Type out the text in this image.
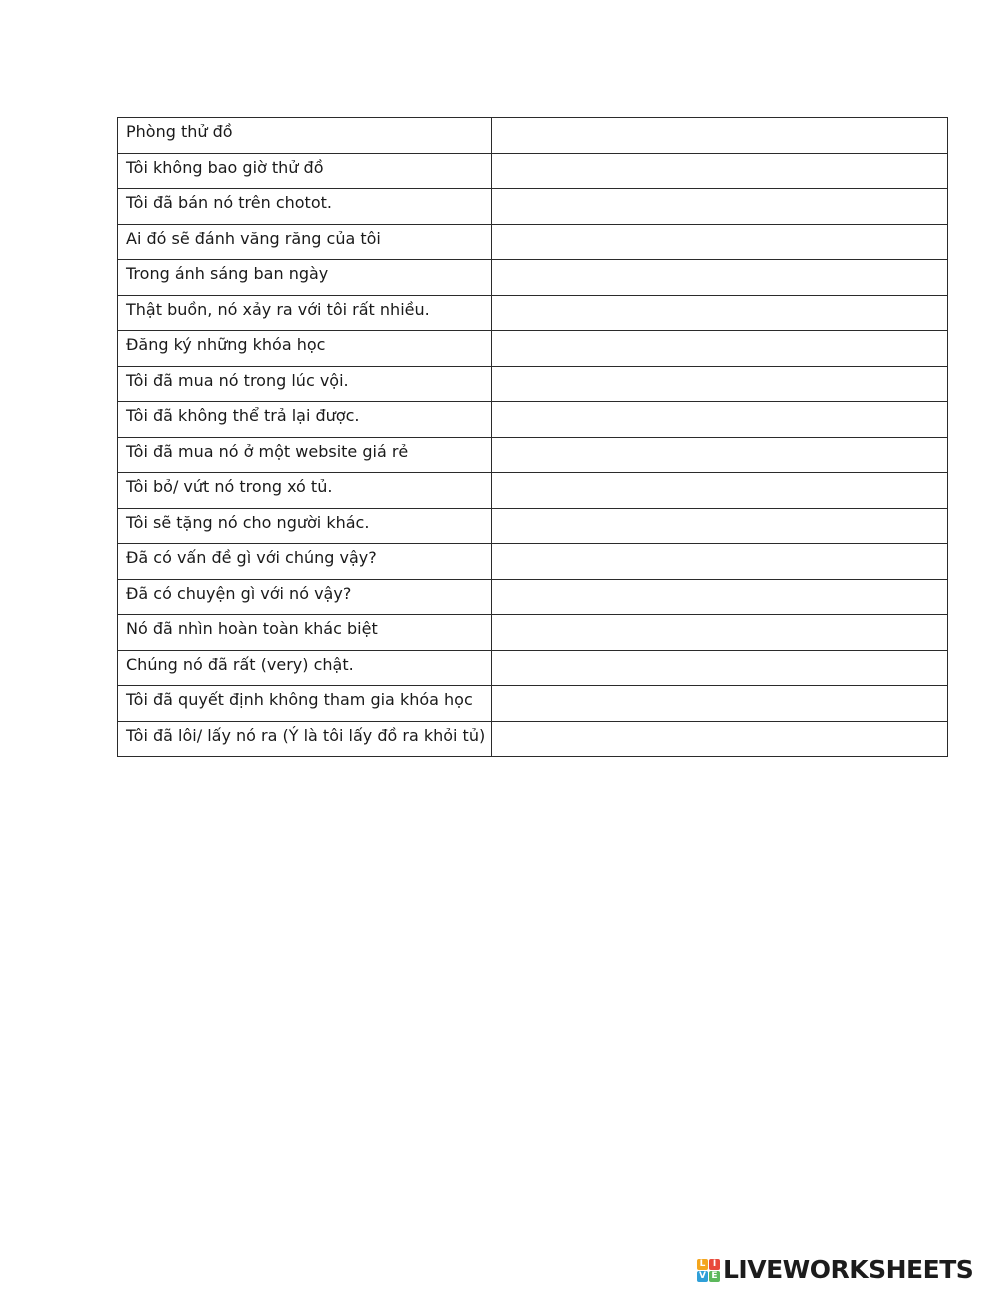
Phòng thử đồ	
Tôi không bao giờ thử đồ	
Tôi đã bán nó trên chotot.	
Ai đó sẽ đánh văng răng của tôi	
Trong ánh sáng ban ngày	
Thật buồn, nó xảy ra với tôi rất nhiều.	
Đăng ký những khóa học	
Tôi đã mua nó trong lúc vội.	
Tôi đã không thể trả lại được.	
Tôi đã mua nó ở một website giá rẻ	
Tôi bỏ/ vứt nó trong xó tủ.	
Tôi sẽ tặng nó cho người khác.	
Đã có vấn đề gì với chúng vậy?	
Đã có chuyện gì với nó vậy?	
Nó đã nhìn hoàn toàn khác biệt	
Chúng nó đã rất (very) chật.	
Tôi đã quyết định không tham gia khóa học	
Tôi đã lôi/ lấy nó ra (Ý là tôi lấy đồ ra khỏi tủ)	
L I
V E LIVEWORKSHEETS
